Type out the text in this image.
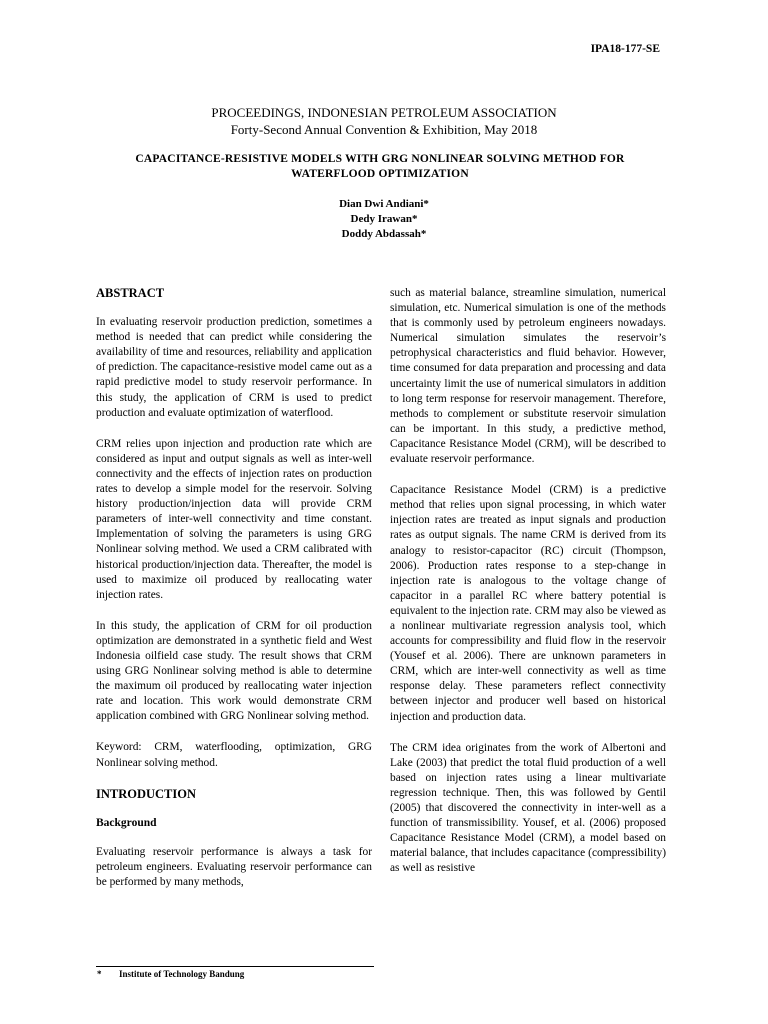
IPA18-177-SE
PROCEEDINGS, INDONESIAN PETROLEUM ASSOCIATION
Forty-Second Annual Convention & Exhibition, May 2018
CAPACITANCE-RESISTIVE MODELS WITH GRG NONLINEAR SOLVING METHOD FOR
WATERFLOOD OPTIMIZATION
Dian Dwi Andiani*
Dedy Irawan*
Doddy Abdassah*
ABSTRACT

In evaluating reservoir production prediction, sometimes a method is needed that can predict while considering the availability of time and resources, reliability and application of prediction. The capacitance-resistive model came out as a rapid predictive model to study reservoir performance. In this study, the application of CRM is used to predict production and evaluate optimization of waterflood.

CRM relies upon injection and production rate which are considered as input and output signals as well as inter-well connectivity and the effects of injection rates on production rates to develop a simple model for the reservoir. Solving history production/injection data will provide CRM parameters of inter-well connectivity and time constant. Implementation of solving the parameters is using GRG Nonlinear solving method. We used a CRM calibrated with historical production/injection data. Thereafter, the model is used to maximize oil produced by reallocating water injection rates.

In this study, the application of CRM for oil production optimization are demonstrated in a synthetic field and West Indonesia oilfield case study. The result shows that CRM using GRG Nonlinear solving method is able to determine the maximum oil produced by reallocating water injection rate and location. This work would demonstrate CRM application combined with GRG Nonlinear solving method.

Keyword: CRM, waterflooding, optimization, GRG Nonlinear solving method.

INTRODUCTION
Background

Evaluating reservoir performance is always a task for petroleum engineers. Evaluating reservoir performance can be performed by many methods,

such as material balance, streamline simulation, numerical simulation, etc. Numerical simulation is one of the methods that is commonly used by petroleum engineers nowadays. Numerical simulation simulates the reservoir’s petrophysical characteristics and fluid behavior. However, time consumed for data preparation and processing and data uncertainty limit the use of numerical simulators in addition to long term response for reservoir management. Therefore, methods to complement or substitute reservoir simulation can be important. In this study, a predictive method, Capacitance Resistance Model (CRM), will be described to evaluate reservoir performance.

Capacitance Resistance Model (CRM) is a predictive method that relies upon signal processing, in which water injection rates are treated as input signals and production rates as output signals. The name CRM is derived from its analogy to resistor-capacitor (RC) circuit (Thompson, 2006). Production rates response to a step-change in injection rate is analogous to the voltage change of capacitor in a parallel RC where battery potential is equivalent to the injection rate. CRM may also be viewed as a nonlinear multivariate regression analysis tool, which accounts for compressibility and fluid flow in the reservoir (Yousef et al. 2006). There are unknown parameters in CRM, which are inter-well connectivity as well as time response delay. These parameters reflect connectivity between injector and producer well based on historical injection and production data.

The CRM idea originates from the work of Albertoni and Lake (2003) that predict the total fluid production of a well based on injection rates using a linear multivariate regression technique. Then, this was followed by Gentil (2005) that discovered the connectivity in inter-well as a function of transmissibility. Yousef, et al. (2006) proposed Capacitance Resistance Model (CRM), a model based on material balance, that includes capacitance (compressibility) as well as resistive

* Institute of Technology Bandung
